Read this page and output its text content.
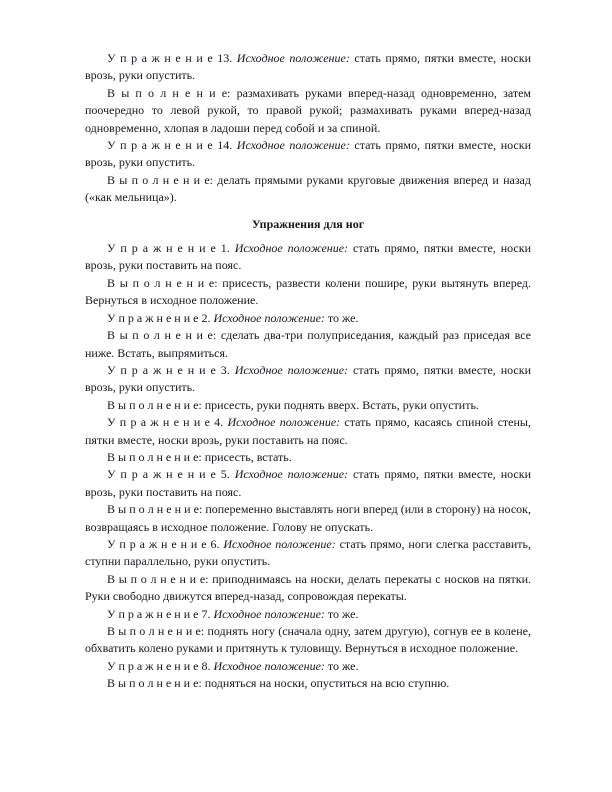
У п р а ж н е н и е 13. Исходное положение: стать прямо, пятки вместе, носки врозь, руки опустить.

В ы п о л н е н и е: размахивать руками вперед-назад одновременно, затем поочередно то левой рукой, то правой рукой; размахивать руками вперед-назад одновременно, хлопая в ладоши перед собой и за спиной.

У п р а ж н е н и е 14. Исходное положение: стать прямо, пятки вместе, носки врозь, руки опустить.

В ы п о л н е н и е: делать прямыми руками круговые движения вперед и назад («как мельница»).

Упражнения для ног

У п р а ж н е н и е 1. Исходное положение: стать прямо, пятки вместе, носки врозь, руки поставить на пояс.

В ы п о л н е н и е: присесть, развести колени пошире, руки вытянуть вперед. Вернуться в исходное положение.

У п р а ж н е н и е 2. Исходное положение: то же.

В ы п о л н е н и е: сделать два-три полуприседания, каждый раз приседая все ниже. Встать, выпрямиться.

У п р а ж н е н и е 3. Исходное положение: стать прямо, пятки вместе, носки врозь, руки опустить.

В ы п о л н е н и е: присесть, руки поднять вверх. Встать, руки опустить.

У п р а ж н е н и е 4. Исходное положение: стать прямо, касаясь спиной стены, пятки вместе, носки врозь, руки поставить на пояс.

В ы п о л н е н и е: присесть, встать.

У п р а ж н е н и е 5. Исходное положение: стать прямо, пятки вместе, носки врозь, руки поставить на пояс.

В ы п о л н е н и е: попеременно выставлять ноги вперед (или в сторону) на носок, возвращаясь в исходное положение. Голову не опускать.

У п р а ж н е н и е 6. Исходное положение: стать прямо, ноги слегка расставить, ступни параллельно, руки опустить.

В ы п о л н е н и е: приподнимаясь на носки, делать перекаты с носков на пятки. Руки свободно движутся вперед-назад, сопровождая перекаты.

У п р а ж н е н и е 7. Исходное положение: то же.

В ы п о л н е н и е: поднять ногу (сначала одну, затем другую), согнув ее в колене, обхватить колено руками и притянуть к туловищу. Вернуться в исходное положение.

У п р а ж н е н и е 8. Исходное положение: то же.

В ы п о л н е н и е: подняться на носки, опуститься на всю ступню.
